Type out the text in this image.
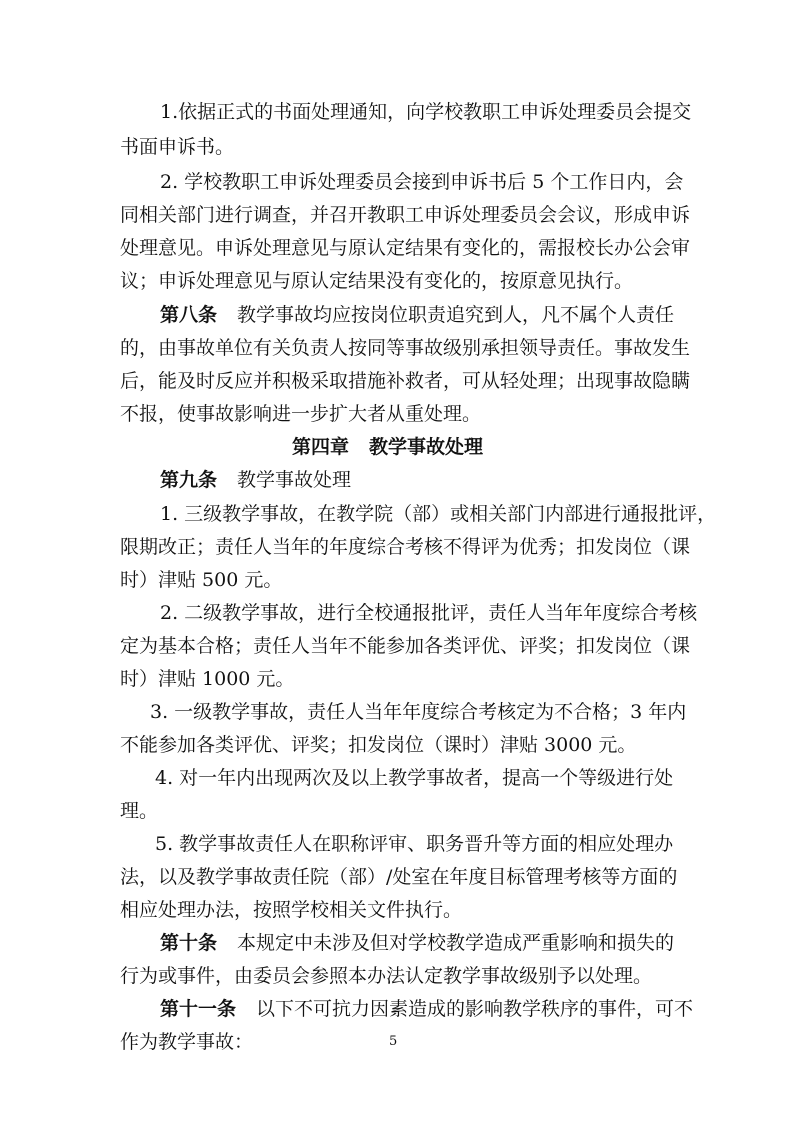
1.依据正式的书面处理通知，向学校教职工申诉处理委员会提交
书面申诉书。
2. 学校教职工申诉处理委员会接到申诉书后 5 个工作日内，会
同相关部门进行调查，并召开教职工申诉处理委员会会议，形成申诉
处理意见。申诉处理意见与原认定结果有变化的，需报校长办公会审
议；申诉处理意见与原认定结果没有变化的，按原意见执行。
第八条 教学事故均应按岗位职责追究到人，凡不属个人责任
的，由事故单位有关负责人按同等事故级别承担领导责任。事故发生
后，能及时反应并积极采取措施补救者，可从轻处理；出现事故隐瞒
不报，使事故影响进一步扩大者从重处理。
第四章 教学事故处理
第九条 教学事故处理
1. 三级教学事故，在教学院（部）或相关部门内部进行通报批评，
限期改正；责任人当年的年度综合考核不得评为优秀；扣发岗位（课
时）津贴 500 元。
2. 二级教学事故，进行全校通报批评，责任人当年年度综合考核
定为基本合格；责任人当年不能参加各类评优、评奖；扣发岗位（课
时）津贴 1000 元。
3. 一级教学事故，责任人当年年度综合考核定为不合格；3 年内
不能参加各类评优、评奖；扣发岗位（课时）津贴 3000 元。
4. 对一年内出现两次及以上教学事故者，提高一个等级进行处
理。
5. 教学事故责任人在职称评审、职务晋升等方面的相应处理办
法，以及教学事故责任院（部）/处室在年度目标管理考核等方面的
相应处理办法，按照学校相关文件执行。
第十条 本规定中未涉及但对学校教学造成严重影响和损失的
行为或事件，由委员会参照本办法认定教学事故级别予以处理。
第十一条 以下不可抗力因素造成的影响教学秩序的事件，可不
作为教学事故：	5
